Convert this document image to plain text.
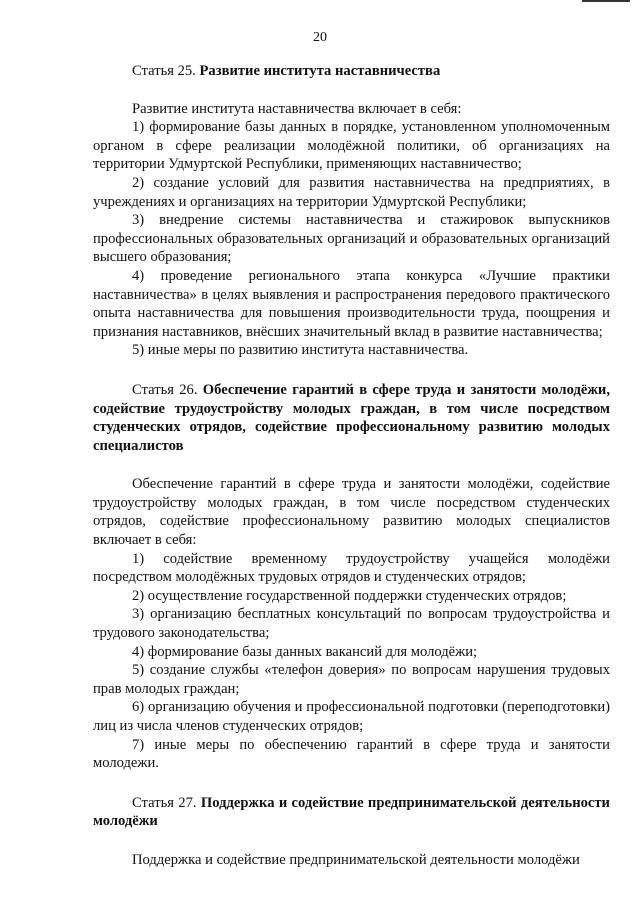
20
Статья 25. Развитие института наставничества

Развитие института наставничества включает в себя:

1) формирование базы данных в порядке, установленном уполномоченным органом в сфере реализации молодёжной политики, об организациях на территории Удмуртской Республики, применяющих наставничество;

2) создание условий для развития наставничества на предприятиях, в учреждениях и организациях на территории Удмуртской Республики;

3) внедрение системы наставничества и стажировок выпускников профессиональных образовательных организаций и образовательных организаций высшего образования;

4) проведение регионального этапа конкурса «Лучшие практики наставничества» в целях выявления и распространения передового практического опыта наставничества для повышения производительности труда, поощрения и признания наставников, внёсших значительный вклад в развитие наставничества;

5) иные меры по развитию института наставничества.

Статья 26. Обеспечение гарантий в сфере труда и занятости молодёжи, содействие трудоустройству молодых граждан, в том числе посредством студенческих отрядов, содействие профессиональному развитию молодых специалистов

Обеспечение гарантий в сфере труда и занятости молодёжи, содействие трудоустройству молодых граждан, в том числе посредством студенческих отрядов, содействие профессиональному развитию молодых специалистов включает в себя:

1) содействие временному трудоустройству учащейся молодёжи посредством молодёжных трудовых отрядов и студенческих отрядов;

2) осуществление государственной поддержки студенческих отрядов;

3) организацию бесплатных консультаций по вопросам трудоустройства и трудового законодательства;

4) формирование базы данных вакансий для молодёжи;

5) создание службы «телефон доверия» по вопросам нарушения трудовых прав молодых граждан;

6) организацию обучения и профессиональной подготовки (переподготовки) лиц из числа членов студенческих отрядов;

7) иные меры по обеспечению гарантий в сфере труда и занятости молодежи.

Статья 27. Поддержка и содействие предпринимательской деятельности молодёжи

Поддержка и содействие предпринимательской деятельности молодёжи
